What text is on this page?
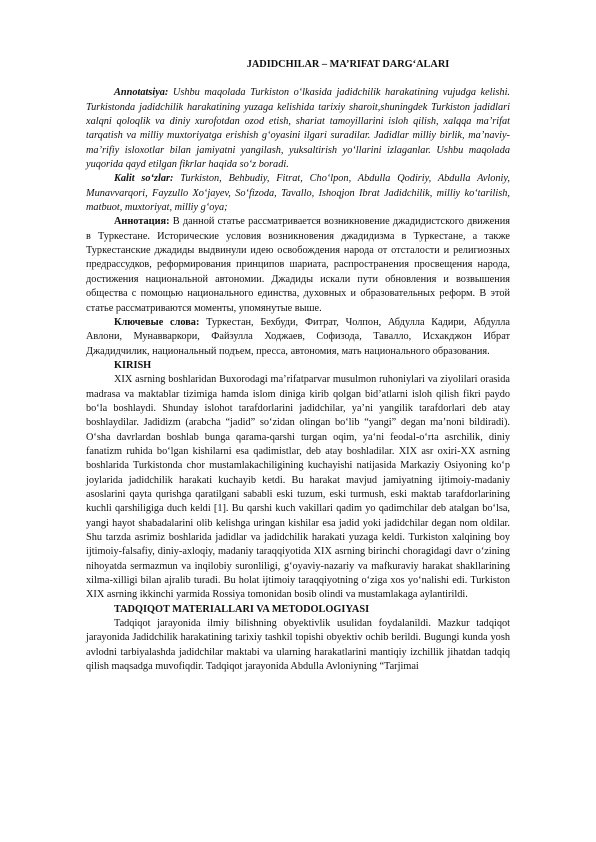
JADIDCHILAR – MA’RIFAT DARG‘ALARI

Annotatsiya: Ushbu maqolada Turkiston o‘lkasida jadidchilik harakatining vujudga kelishi. Turkistonda jadidchilik harakatining yuzaga kelishida tarixiy sharoit,shuningdek Turkiston jadidlari xalqni qoloqlik va diniy xurofotdan ozod etish, shariat tamoyillarini isloh qilish, xalqqa ma’rifat tarqatish va milliy muxtoriyatga erishish g‘oyasini ilgari suradilar. Jadidlar milliy birlik, ma’naviy-ma’rifiy isloxotlar bilan jamiyatni yangilash, yuksaltirish yo‘llarini izlaganlar. Ushbu maqolada yuqorida qayd etilgan fikrlar haqida so‘z boradi.

Kalit so‘zlar: Turkiston, Behbudiy, Fitrat, Cho‘lpon, Abdulla Qodiriy, Abdulla Avloniy, Munavvarqori, Fayzullo Xo‘jayev, So‘fizoda, Tavallo, Ishoqjon Ibrat Jadidchilik, milliy ko‘tarilish, matbuot, muxtoriyat, milliy g‘oya;

Аннотация: В данной статье рассматривается возникновение джадидистского движения в Туркестане. Исторические условия возникновения джадидизма в Туркестане, а также Туркестанские джадиды выдвинули идею освобождения народа от отсталости и религиозных предрассудков, реформирования принципов шариата, распространения просвещения народа, достижения национальной автономии. Джадиды искали пути обновления и возвышения общества с помощью национального единства, духовных и образовательных реформ. В этой статье рассматриваются моменты, упомянутые выше.

Ключевые слова: Туркестан, Бехбуди, Фитрат, Чолпон, Абдулла Кадири, Абдулла Авлони, Мунавваркори, Файзулла Ходжаев, Софизода, Тавалло, Исхакджон Ибрат Джадидчилик, национальный подъем, пресса, автономия, мать национального образования.

KIRISH

XIX asrning boshlaridan Buxorodagi ma’rifatparvar musulmon ruhoniylari va ziyolilari orasida madrasa va maktablar tizimiga hamda islom diniga kirib qolgan bid’atlarni isloh qilish fikri paydo bo‘la boshlaydi. Shunday islohot tarafdorlarini jadidchilar, ya’ni yangilik tarafdorlari deb atay boshlaydilar. Jadidizm (arabcha “jadid” so‘zidan olingan bo‘lib “yangi” degan ma’noni bildiradi). O‘sha davrlardan boshlab bunga qarama-qarshi turgan oqim, ya‘ni feodal-o‘rta asrchilik, diniy fanatizm ruhida bo‘lgan kishilarni esa qadimistlar, deb atay boshladilar. XIX asr oxiri-XX asrning boshlarida Turkistonda chor mustamlakachiligining kuchayishi natijasida Markaziy Osiyoning ko‘p joylarida jadidchilik harakati kuchayib ketdi. Bu harakat mavjud jamiyatning ijtimoiy-madaniy asoslarini qayta qurishga qaratilgani sababli eski tuzum, eski turmush, eski maktab tarafdorlarining kuchli qarshiligiga duch keldi [1]. Bu qarshi kuch vakillari qadim yo qadimchilar deb atalgan bo‘lsa, yangi hayot shabadalarini olib kelishga uringan kishilar esa jadid yoki jadidchilar degan nom oldilar. Shu tarzda asrimiz boshlarida jadidlar va jadidchilik harakati yuzaga keldi. Turkiston xalqining boy ijtimoiy-falsafiy, diniy-axloqiy, madaniy taraqqiyotida XIX asrning birinchi choragidagi davr o‘zining nihoyatda sermazmun va inqilobiy suronliligi, g‘oyaviy-nazariy va mafkuraviy harakat shakllarining xilma-xilligi bilan ajralib turadi. Bu holat ijtimoiy taraqqiyotning o‘ziga xos yo‘nalishi edi. Turkiston XIX asrning ikkinchi yarmida Rossiya tomonidan bosib olindi va mustamlakaga aylantirildi.

TADQIQOT MATERIALLARI VA METODOLOGIYASI

Tadqiqot jarayonida ilmiy bilishning obyektivlik usulidan foydalanildi. Mazkur tadqiqot jarayonida Jadidchilik harakatining tarixiy tashkil topishi obyektiv ochib berildi. Bugungi kunda yosh avlodni tarbiyalashda jadidchilar maktabi va ularning harakatlarini mantiqiy izchillik jihatdan tadqiq qilish maqsadga muvofiqdir. Tadqiqot jarayonida Abdulla Avloniyning “Tarjimai
